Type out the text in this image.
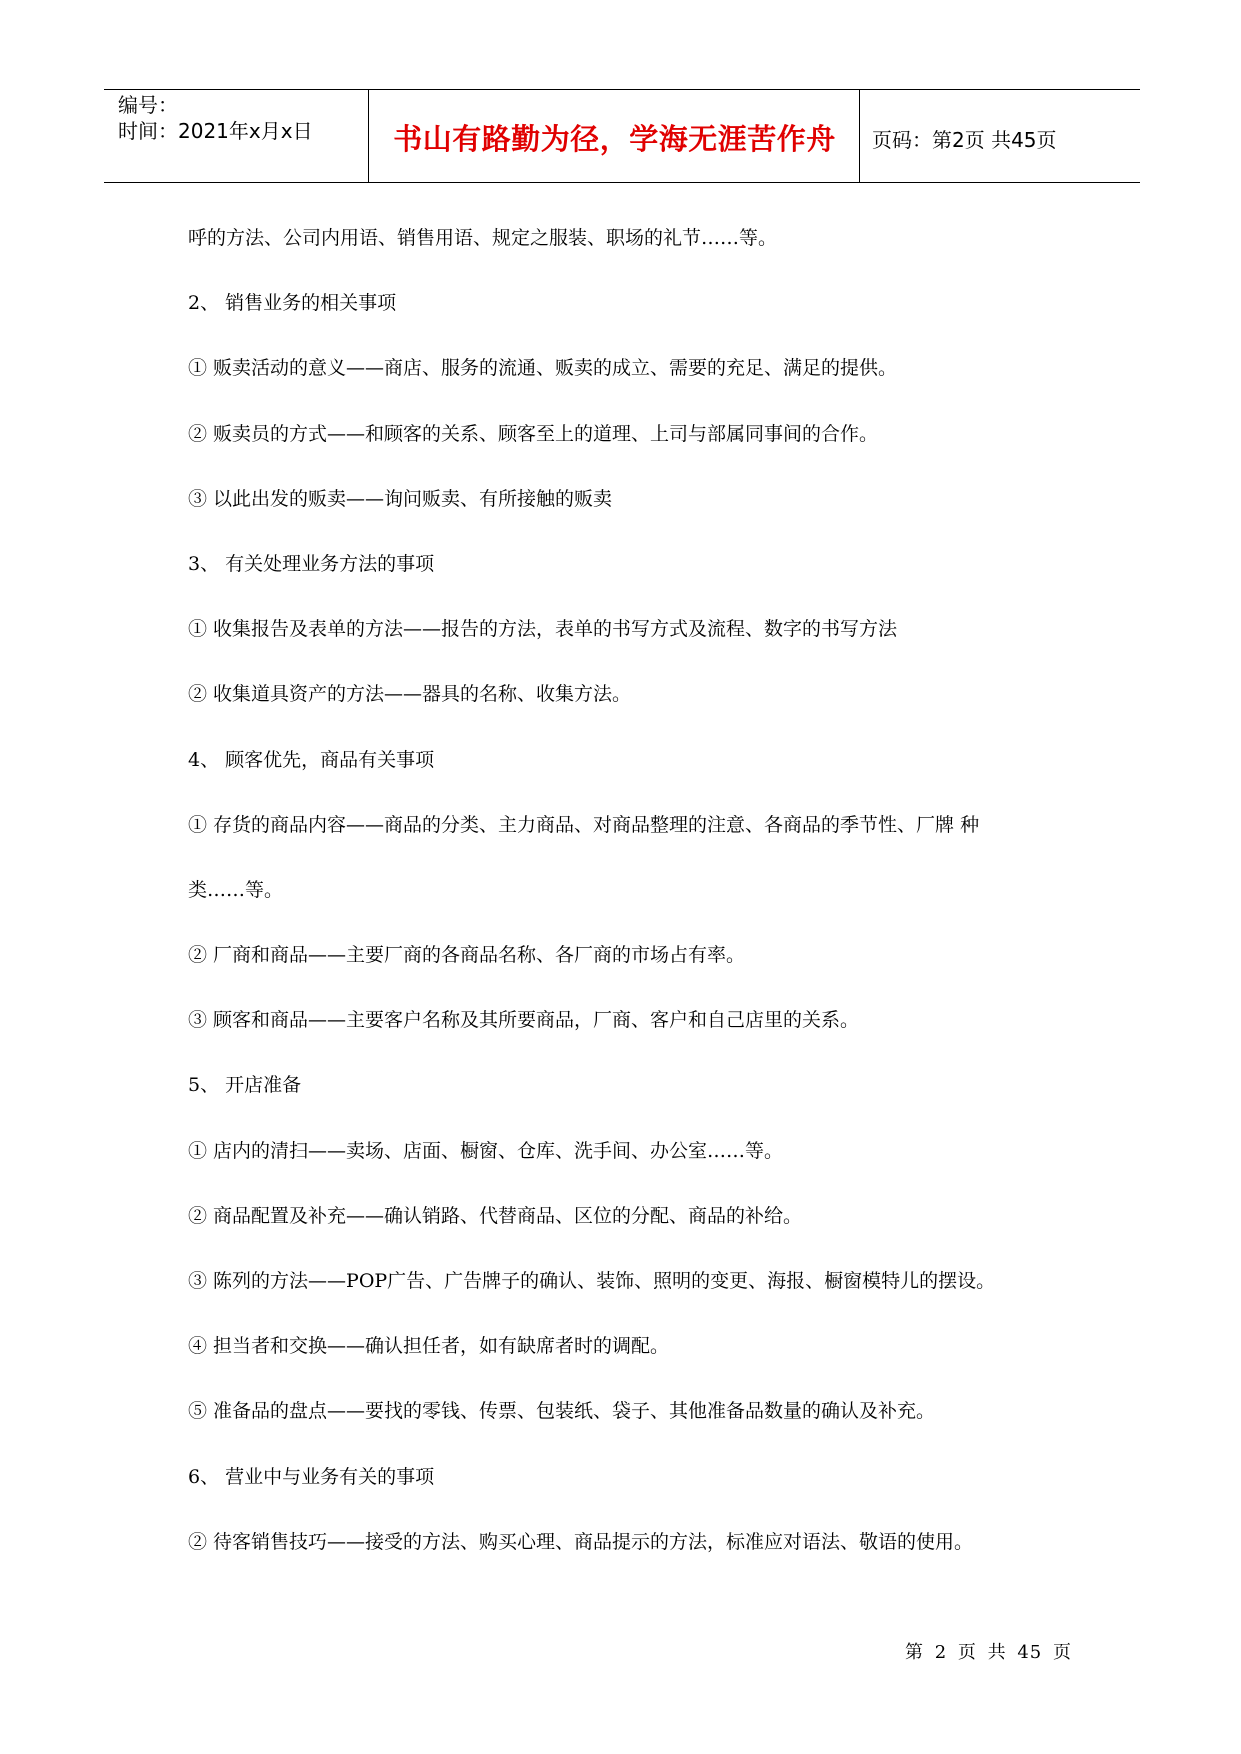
编号：
时间：2021年x月x日	书山有路勤为径，学海无涯苦作舟	页码：第2页 共45页
呼的方法、公司内用语、销售用语、规定之服装、职场的礼节……等。
2、 销售业务的相关事项
① 贩卖活动的意义——商店、服务的流通、贩卖的成立、需要的充足、满足的提供。
② 贩卖员的方式——和顾客的关系、顾客至上的道理、上司与部属同事间的合作。
③ 以此出发的贩卖——询问贩卖、有所接触的贩卖
3、 有关处理业务方法的事项
① 收集报告及表单的方法——报告的方法，表单的书写方式及流程、数字的书写方法
② 收集道具资产的方法——器具的名称、收集方法。
4、 顾客优先，商品有关事项
① 存货的商品内容——商品的分类、主力商品、对商品整理的注意、各商品的季节性、厂牌 种
类……等。
② 厂商和商品——主要厂商的各商品名称、各厂商的市场占有率。
③ 顾客和商品——主要客户名称及其所要商品，厂商、客户和自己店里的关系。
5、 开店准备
① 店内的清扫——卖场、店面、橱窗、仓库、洗手间、办公室……等。
② 商品配置及补充——确认销路、代替商品、区位的分配、商品的补给。
③ 陈列的方法——POP广告、广告牌子的确认、装饰、照明的变更、海报、橱窗模特儿的摆设。
④ 担当者和交换——确认担任者，如有缺席者时的调配。
⑤ 准备品的盘点——要找的零钱、传票、包装纸、袋子、其他准备品数量的确认及补充。
6、 营业中与业务有关的事项
② 待客销售技巧——接受的方法、购买心理、商品提示的方法，标准应对语法、敬语的使用。
第 2 页 共 45 页
